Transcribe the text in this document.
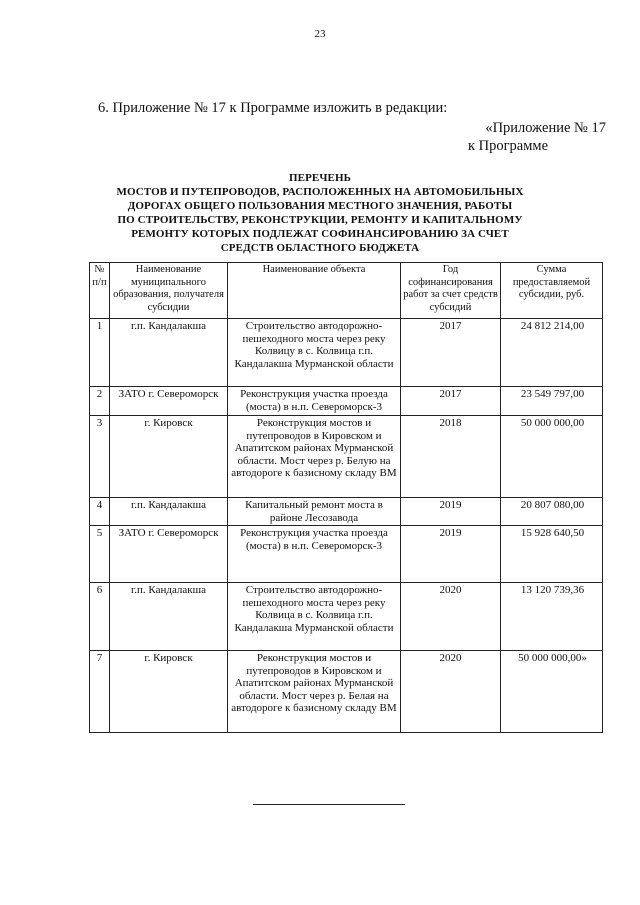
23
6. Приложение № 17 к Программе изложить в редакции:
«Приложение № 17
к Программе
ПЕРЕЧЕНЬ
МОСТОВ И ПУТЕПРОВОДОВ, РАСПОЛОЖЕННЫХ НА АВТОМОБИЛЬНЫХ
ДОРОГАХ ОБЩЕГО ПОЛЬЗОВАНИЯ МЕСТНОГО ЗНАЧЕНИЯ, РАБОТЫ
ПО СТРОИТЕЛЬСТВУ, РЕКОНСТРУКЦИИ, РЕМОНТУ И КАПИТАЛЬНОМУ
РЕМОНТУ КОТОРЫХ ПОДЛЕЖАТ СОФИНАНСИРОВАНИЮ ЗА СЧЕТ
СРЕДСТВ ОБЛАСТНОГО БЮДЖЕТА
№ п/п	Наименование муниципального образования, получателя субсидии	Наименование объекта	Год софинансирования работ за счет средств субсидий	Сумма предоставляемой субсидии, руб.
1	г.п. Кандалакша	Строительство автодорожно-пешеходного моста через реку Колвицу в с. Колвица г.п. Кандалакша Мурманской области	2017	24 812 214,00
2	ЗАТО г. Североморск	Реконструкция участка проезда (моста) в н.п. Североморск-3	2017	23 549 797,00
3	г. Кировск	Реконструкция мостов и путепроводов в Кировском и Апатитском районах Мурманской области. Мост через р. Белую на автодороге к базисному складу ВМ	2018	50 000 000,00
4	г.п. Кандалакша	Капитальный ремонт моста в районе Лесозавода	2019	20 807 080,00
5	ЗАТО г. Североморск	Реконструкция участка проезда (моста) в н.п. Североморск-3	2019	15 928 640,50
6	г.п. Кандалакша	Строительство автодорожно-пешеходного моста через реку Колвица в с. Колвица г.п. Кандалакша Мурманской области	2020	13 120 739,36
7	г. Кировск	Реконструкция мостов и путепроводов в Кировском и Апатитском районах Мурманской области. Мост через р. Белая на автодороге к базисному складу ВМ	2020	50 000 000,00»
